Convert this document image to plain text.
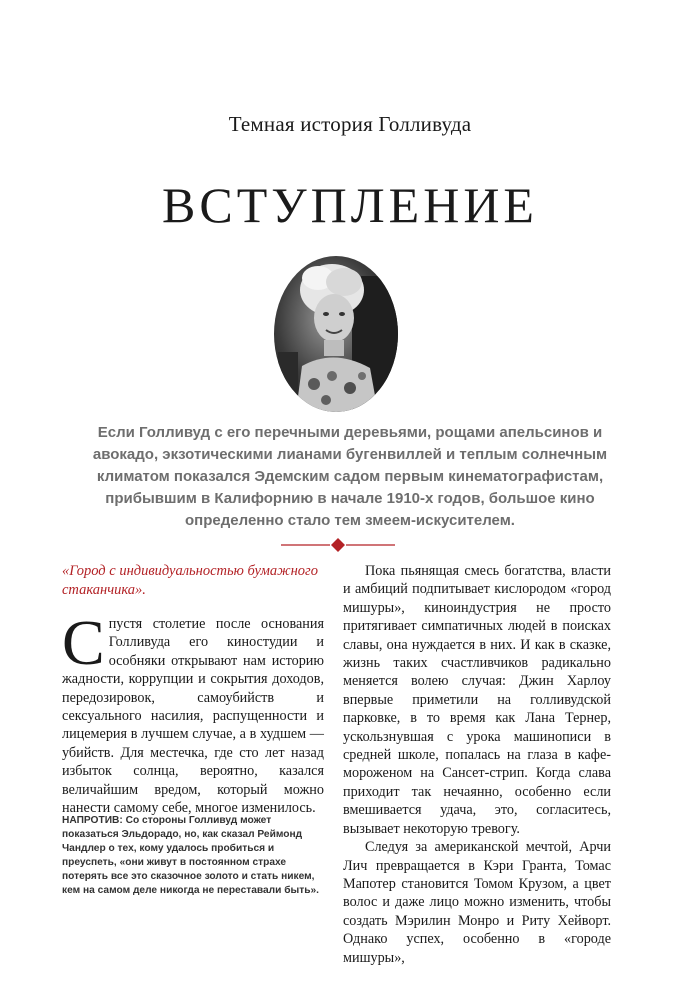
Темная история Голливуда
ВСТУПЛЕНИЕ

Если Голливуд с его перечными деревьями, рощами апельсинов и авокадо, экзотическими лианами бугенвиллей и теплым солнечным климатом показался Эдемским садом первым кинематографистам, прибывшим в Калифорнию в начале 1910-х годов, большое кино определенно стало тем змеем-искусителем.

«Город с индивидуальностью бумажного стаканчика».

Спустя столетие после основания Голливуда его киностудии и особняки открывают нам историю жадности, коррупции и сокрытия доходов, передозировок, самоубийств и сексуального насилия, распущенности и лицемерия в лучшем случае, а в худшем — убийств. Для местечка, где сто лет назад избыток солнца, вероятно, казался величайшим вредом, который можно нанести самому себе, многое изменилось.

НАПРОТИВ: Со стороны Голливуд может показаться Эльдорадо, но, как сказал Реймонд Чандлер о тех, кому удалось пробиться и преуспеть, «они живут в постоянном страхе потерять все это сказочное золото и стать никем, кем на самом деле никогда не переставали быть».

Пока пьянящая смесь богатства, власти и амбиций подпитывает кислородом «город мишуры», киноиндустрия не просто притягивает симпатичных людей в поисках славы, она нуждается в них. И как в сказке, жизнь таких счастливчиков радикально меняется волею случая: Джин Харлоу впервые приметили на голливудской парковке, в то время как Лана Тернер, ускользнувшая с урока машинописи в средней школе, попалась на глаза в кафе-мороженом на Сансет-стрип. Когда слава приходит так нечаянно, особенно если вмешивается удача, это, согласитесь, вызывает некоторую тревогу.

Следуя за американской мечтой, Арчи Лич превращается в Кэри Гранта, Томас Мапотер становится Томом Крузом, а цвет волос и даже лицо можно изменить, чтобы создать Мэрилин Монро и Риту Хейворт. Однако успех, особенно в «городе мишуры»,
